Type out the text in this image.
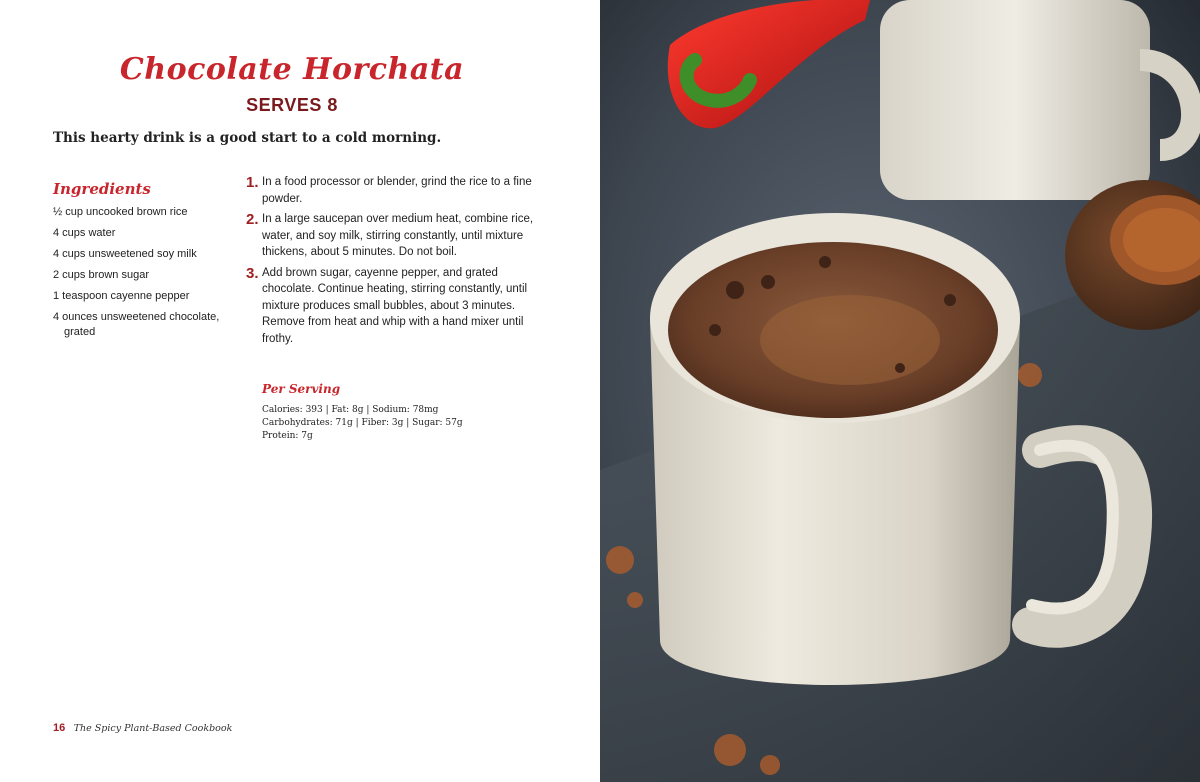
Chocolate Horchata
SERVES 8
This hearty drink is a good start to a cold morning.
Ingredients
½ cup uncooked brown rice
4 cups water
4 cups unsweetened soy milk
2 cups brown sugar
1 teaspoon cayenne pepper
4 ounces unsweetened chocolate, grated
1. In a food processor or blender, grind the rice to a fine powder.
2. In a large saucepan over medium heat, combine rice, water, and soy milk, stirring constantly, until mixture thickens, about 5 minutes. Do not boil.
3. Add brown sugar, cayenne pepper, and grated chocolate. Continue heating, stirring constantly, until mixture produces small bubbles, about 3 minutes. Remove from heat and whip with a hand mixer until frothy.
Per Serving
Calories: 393 | Fat: 8g | Sodium: 78mg
Carbohydrates: 71g | Fiber: 3g | Sugar: 57g
Protein: 7g
16 The Spicy Plant-Based Cookbook
